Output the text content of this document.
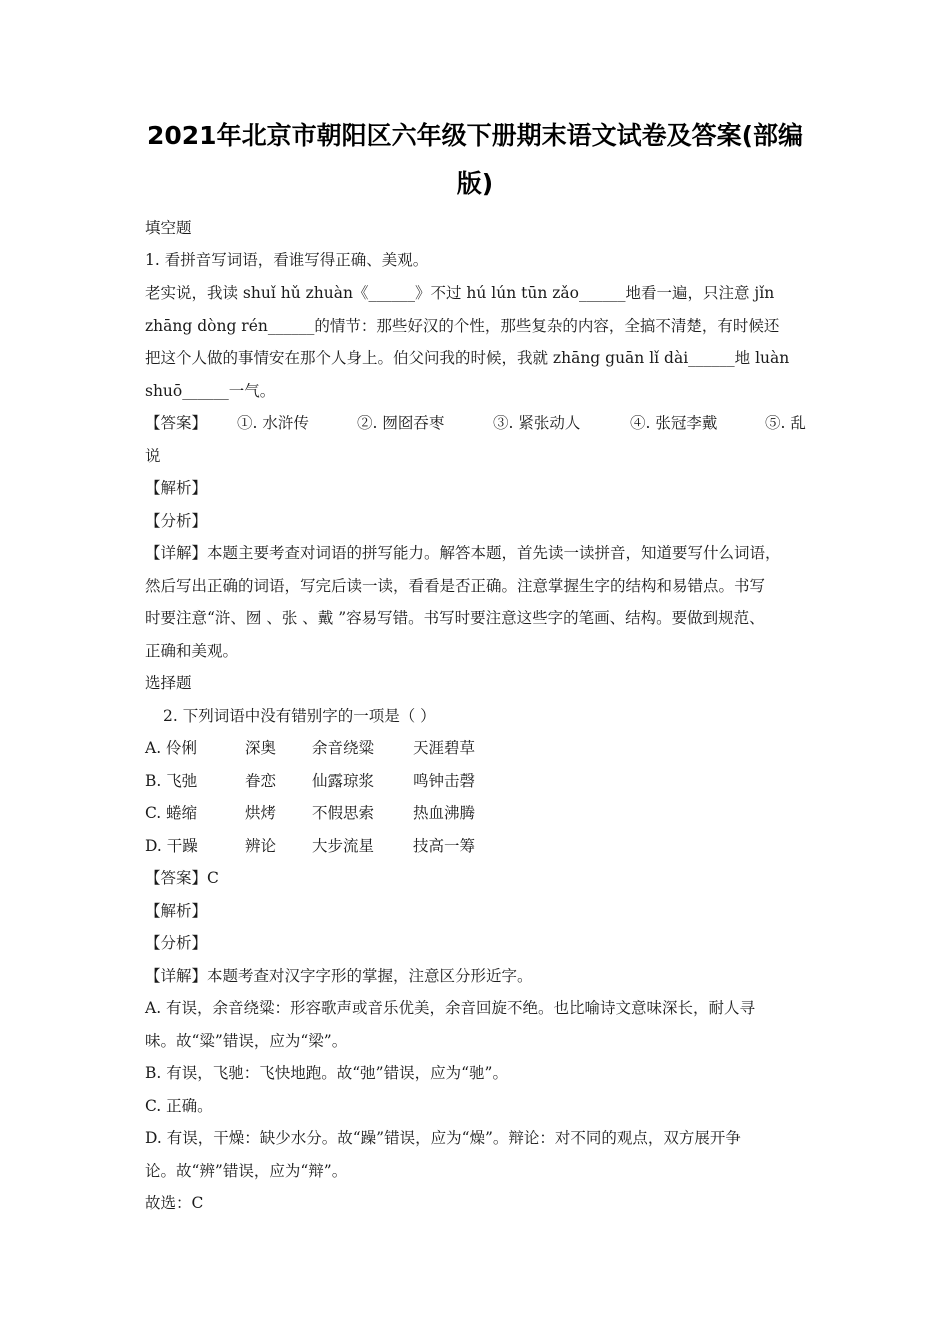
2021年北京市朝阳区六年级下册期末语文试卷及答案(部编
版)
填空题
1. 看拼音写词语，看谁写得正确、美观。
老实说，我读 shuǐ hǔ zhuàn《______》不过 hú lún tūn zǎo______地看一遍，只注意 jǐn
zhāng dòng rén______的情节：那些好汉的个性，那些复杂的内容，全搞不清楚，有时候还
把这个人做的事情安在那个人身上。伯父问我的时候，我就 zhāng guān lǐ dài______地 luàn
shuō______一气。
【答案】 ①. 水浒传	②. 囫囵吞枣	③. 紧张动人	④. 张冠李戴	⑤. 乱
说
【解析】
【分析】
【详解】本题主要考查对词语的拼写能力。解答本题，首先读一读拼音，知道要写什么词语，
然后写出正确的词语，写完后读一读，看看是否正确。注意掌握生字的结构和易错点。书写
时要注意“浒、囫 、张 、戴 ”容易写错。书写时要注意这些字的笔画、结构。要做到规范、
正确和美观。
选择题
2. 下列词语中没有错别字的一项是（ ）
A. 伶俐	深奥 余音绕粱	天涯碧草
B. 飞弛	眷恋 仙露琼浆	鸣钟击磬
C. 蜷缩	烘烤 不假思索	热血沸腾
D. 干躁	辨论 大步流星	技高一筹
【答案】C
【解析】
【分析】
【详解】本题考查对汉字字形的掌握，注意区分形近字。
A. 有误，余音绕粱：形容歌声或音乐优美，余音回旋不绝。也比喻诗文意味深长，耐人寻
味。故“粱”错误，应为“梁”。
B. 有误，飞驰：飞快地跑。故“弛”错误，应为“驰”。
C. 正确。
D. 有误，干燥：缺少水分。故“躁”错误，应为“燥”。辩论：对不同的观点，双方展开争
论。故“辨”错误，应为“辩”。
故选：C
